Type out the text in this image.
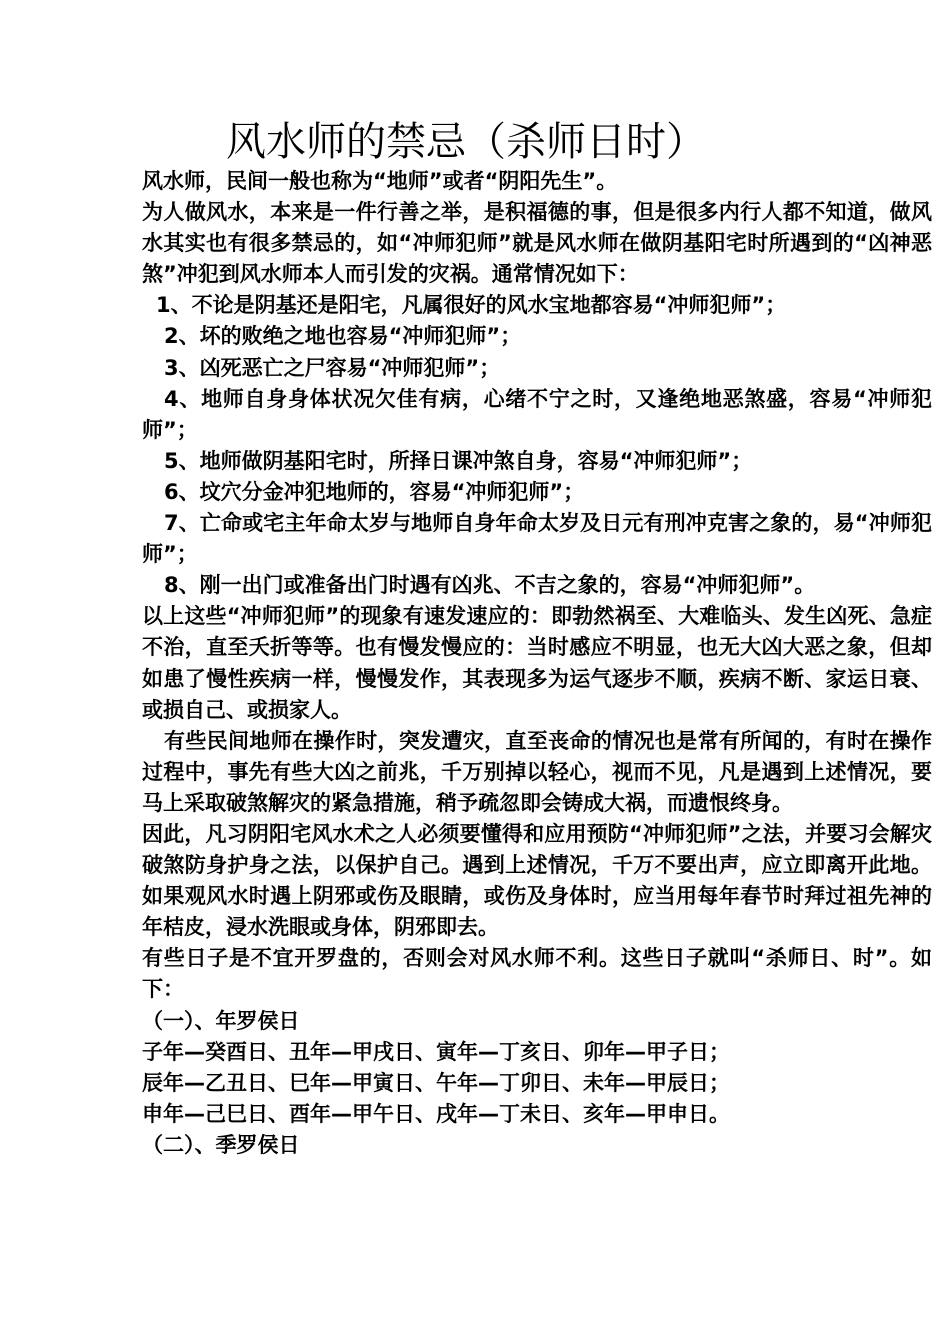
风水师的禁忌（杀师日时）

风水师，民间一般也称为“地师”或者“阴阳先生”。

为人做风水，本来是一件行善之举，是积福德的事，但是很多内行人都不知道，做风水其实也有很多禁忌的，如“冲师犯师”就是风水师在做阴基阳宅时所遇到的“凶神恶煞”冲犯到风水师本人而引发的灾祸。通常情况如下：

1、不论是阴基还是阳宅，凡属很好的风水宝地都容易“冲师犯师”；

2、坏的败绝之地也容易“冲师犯师”；

3、凶死恶亡之尸容易“冲师犯师”；

4、地师自身身体状况欠佳有病，心绪不宁之时，又逢绝地恶煞盛，容易“冲师犯师”；

5、地师做阴基阳宅时，所择日课冲煞自身，容易“冲师犯师”；

6、坟穴分金冲犯地师的，容易“冲师犯师”；

7、亡命或宅主年命太岁与地师自身年命太岁及日元有刑冲克害之象的，易“冲师犯师”；

8、刚一出门或准备出门时遇有凶兆、不吉之象的，容易“冲师犯师”。

以上这些“冲师犯师”的现象有速发速应的：即勃然祸至、大难临头、发生凶死、急症不治，直至夭折等等。也有慢发慢应的：当时感应不明显，也无大凶大恶之象，但却如患了慢性疾病一样，慢慢发作，其表现多为运气逐步不顺，疾病不断、家运日衰、或损自己、或损家人。

有些民间地师在操作时，突发遭灾，直至丧命的情况也是常有所闻的，有时在操作过程中，事先有些大凶之前兆，千万别掉以轻心，视而不见，凡是遇到上述情况，要马上采取破煞解灾的紧急措施，稍予疏忽即会铸成大祸，而遗恨终身。

因此，凡习阴阳宅风水术之人必须要懂得和应用预防“冲师犯师”之法，并要习会解灾破煞防身护身之法，以保护自己。遇到上述情况，千万不要出声，应立即离开此地。如果观风水时遇上阴邪或伤及眼睛，或伤及身体时，应当用每年春节时拜过祖先神的年桔皮，浸水洗眼或身体，阴邪即去。

有些日子是不宜开罗盘的，否则会对风水师不利。这些日子就叫“杀师日、时”。如下：

（一）、年罗侯日

子年—癸酉日、丑年—甲戌日、寅年—丁亥日、卯年—甲子日；

辰年—乙丑日、巳年—甲寅日、午年—丁卯日、未年—甲辰日；

申年—己巳日、酉年—甲午日、戌年—丁未日、亥年—甲申日。

（二）、季罗侯日
